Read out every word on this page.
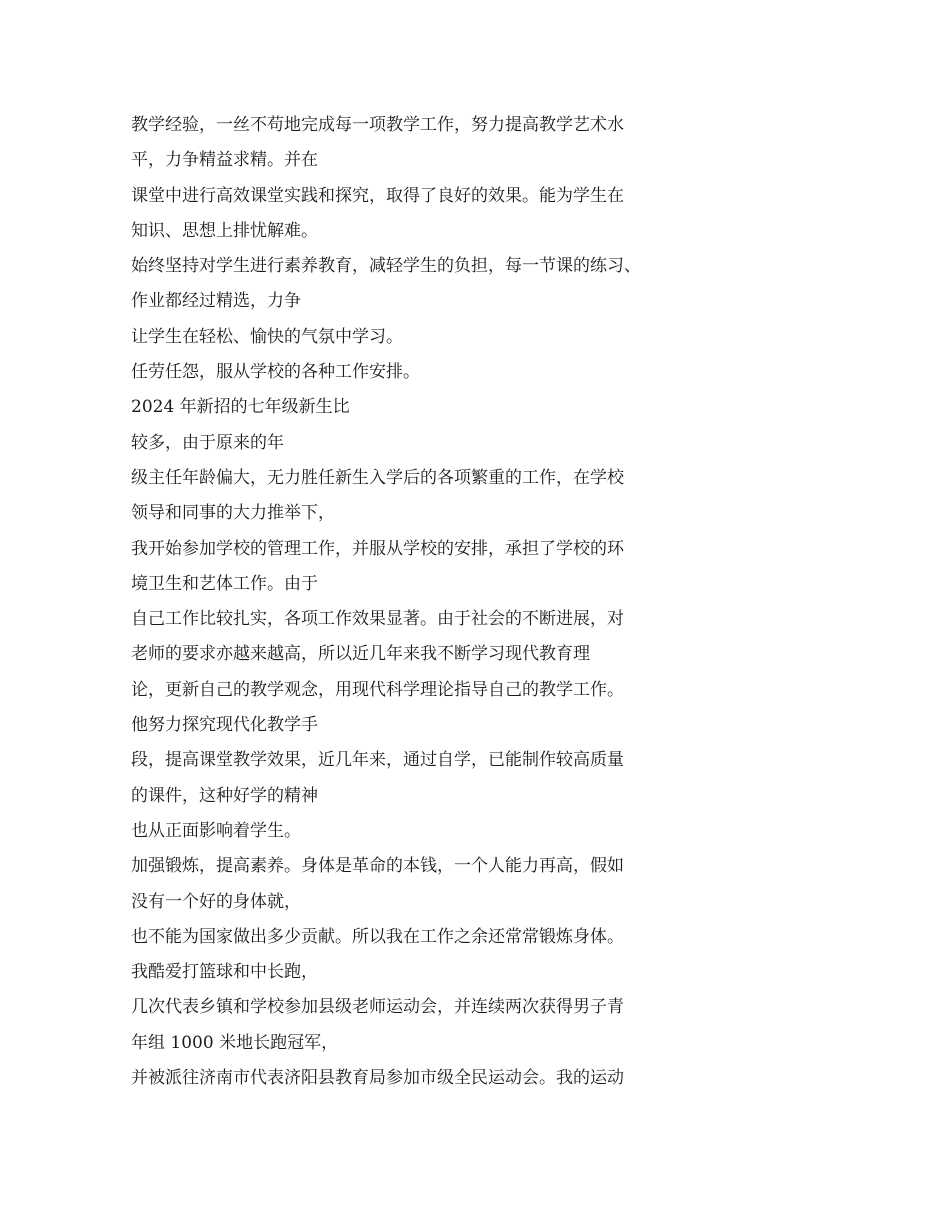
教学经验，一丝不苟地完成每一项教学工作，努力提高教学艺术水
平，力争精益求精。并在
课堂中进行高效课堂实践和探究，取得了良好的效果。能为学生在
知识、思想上排忧解难。
始终坚持对学生进行素养教育，减轻学生的负担，每一节课的练习、
作业都经过精选，力争
让学生在轻松、愉快的气氛中学习。
任劳任怨，服从学校的各种工作安排。
2024 年新招的七年级新生比
较多，由于原来的年
级主任年龄偏大，无力胜任新生入学后的各项繁重的工作，在学校
领导和同事的大力推举下，
我开始参加学校的管理工作，并服从学校的安排，承担了学校的环
境卫生和艺体工作。由于
自己工作比较扎实，各项工作效果显著。由于社会的不断进展，对
老师的要求亦越来越高，所以近几年来我不断学习现代教育理
论，更新自己的教学观念，用现代科学理论指导自己的教学工作。
他努力探究现代化教学手
段，提高课堂教学效果，近几年来，通过自学，已能制作较高质量
的课件，这种好学的精神
也从正面影响着学生。
加强锻炼，提高素养。身体是革命的本钱，一个人能力再高，假如
没有一个好的身体就，
也不能为国家做出多少贡献。所以我在工作之余还常常锻炼身体。
我酷爱打篮球和中长跑，
几次代表乡镇和学校参加县级老师运动会，并连续两次获得男子青
年组 1000 米地长跑冠军，
并被派往济南市代表济阳县教育局参加市级全民运动会。我的运动
